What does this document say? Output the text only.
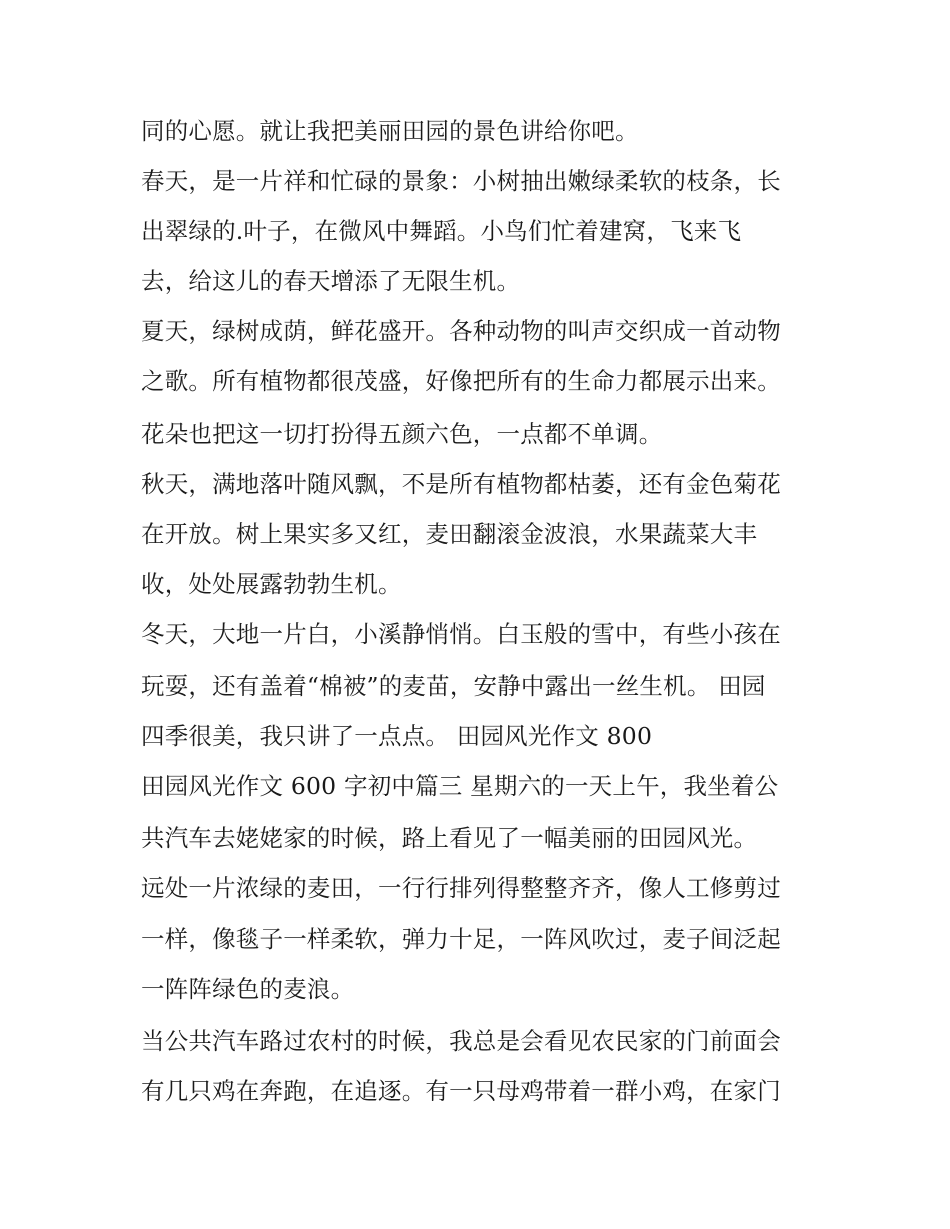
同的心愿。就让我把美丽田园的景色讲给你吧。
春天，是一片祥和忙碌的景象：小树抽出嫩绿柔软的枝条，长
出翠绿的.叶子，在微风中舞蹈。小鸟们忙着建窝，飞来飞
去，给这儿的春天增添了无限生机。
夏天，绿树成荫，鲜花盛开。各种动物的叫声交织成一首动物
之歌。所有植物都很茂盛，好像把所有的生命力都展示出来。
花朵也把这一切打扮得五颜六色，一点都不单调。
秋天，满地落叶随风飘，不是所有植物都枯萎，还有金色菊花
在开放。树上果实多又红，麦田翻滚金波浪，水果蔬菜大丰
收，处处展露勃勃生机。
冬天，大地一片白，小溪静悄悄。白玉般的雪中，有些小孩在
玩耍，还有盖着“棉被”的麦苗，安静中露出一丝生机。 田园
四季很美，我只讲了一点点。 田园风光作文 800
田园风光作文 600 字初中篇三 星期六的一天上午，我坐着公
共汽车去姥姥家的时候，路上看见了一幅美丽的田园风光。
远处一片浓绿的麦田，一行行排列得整整齐齐，像人工修剪过
一样，像毯子一样柔软，弹力十足，一阵风吹过，麦子间泛起
一阵阵绿色的麦浪。
当公共汽车路过农村的时候，我总是会看见农民家的门前面会
有几只鸡在奔跑，在追逐。有一只母鸡带着一群小鸡，在家门
